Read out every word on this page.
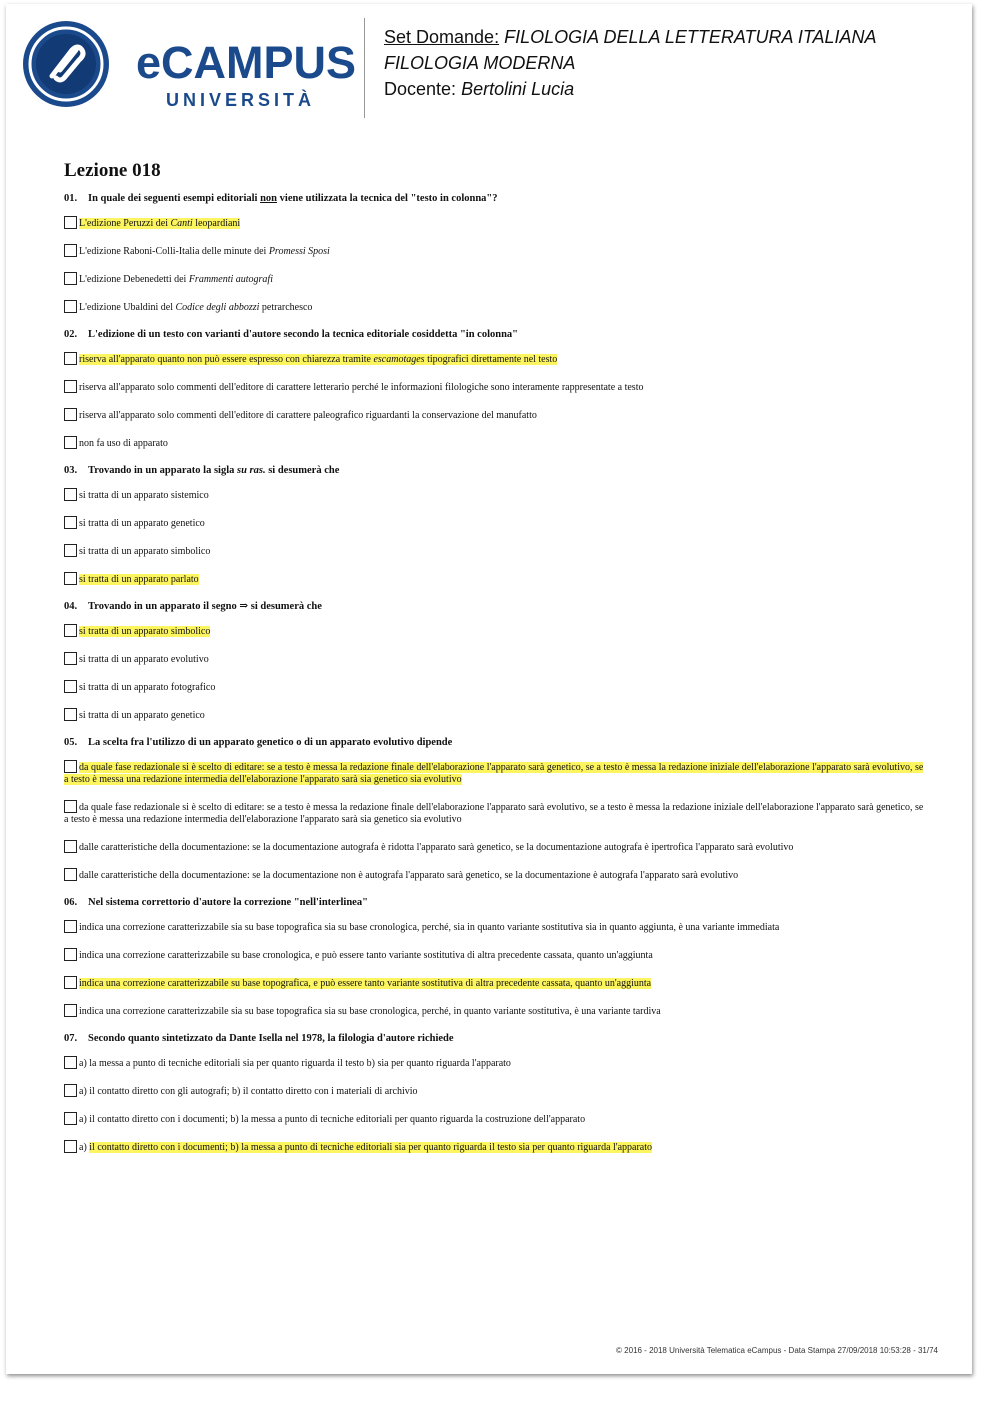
eCAMPUS
UNIVERSITÀ
Set Domande: FILOLOGIA DELLA LETTERATURA ITALIANA
FILOLOGIA MODERNA
Docente: Bertolini Lucia
Lezione 018
01. In quale dei seguenti esempi editoriali non viene utilizzata la tecnica del "testo in colonna"?
L'edizione Peruzzi dei Canti leopardiani
L'edizione Raboni-Colli-Italia delle minute dei Promessi Sposi
L'edizione Debenedetti dei Frammenti autografi
L'edizione Ubaldini del Codice degli abbozzi petrarchesco
02. L'edizione di un testo con varianti d'autore secondo la tecnica editoriale cosiddetta "in colonna"
riserva all'apparato quanto non può essere espresso con chiarezza tramite escamotages tipografici direttamente nel testo
riserva all'apparato solo commenti dell'editore di carattere letterario perché le informazioni filologiche sono interamente rappresentate a testo
riserva all'apparato solo commenti dell'editore di carattere paleografico riguardanti la conservazione del manufatto
non fa uso di apparato
03. Trovando in un apparato la sigla su ras. si desumerà che
si tratta di un apparato sistemico
si tratta di un apparato genetico
si tratta di un apparato simbolico
si tratta di un apparato parlato
04. Trovando in un apparato il segno ⇒ si desumerà che
si tratta di un apparato simbolico
si tratta di un apparato evolutivo
si tratta di un apparato fotografico
si tratta di un apparato genetico
05. La scelta fra l'utilizzo di un apparato genetico o di un apparato evolutivo dipende
da quale fase redazionale si è scelto di editare: se a testo è messa la redazione finale dell'elaborazione l'apparato sarà genetico, se a testo è messa la redazione iniziale dell'elaborazione l'apparato sarà evolutivo, se a testo è messa una redazione intermedia dell'elaborazione l'apparato sarà sia genetico sia evolutivo
da quale fase redazionale si è scelto di editare: se a testo è messa la redazione finale dell'elaborazione l'apparato sarà evolutivo, se a testo è messa la redazione iniziale dell'elaborazione l'apparato sarà genetico, se a testo è messa una redazione intermedia dell'elaborazione l'apparato sarà sia genetico sia evolutivo
dalle caratteristiche della documentazione: se la documentazione autografa è ridotta l'apparato sarà genetico, se la documentazione autografa è ipertrofica l'apparato sarà evolutivo
dalle caratteristiche della documentazione: se la documentazione non è autografa l'apparato sarà genetico, se la documentazione è autografa l'apparato sarà evolutivo
06. Nel sistema correttorio d'autore la correzione "nell'interlinea"
indica una correzione caratterizzabile sia su base topografica sia su base cronologica, perché, sia in quanto variante sostitutiva sia in quanto aggiunta, è una variante immediata
indica una correzione caratterizzabile su base cronologica, e può essere tanto variante sostitutiva di altra precedente cassata, quanto un'aggiunta
indica una correzione caratterizzabile su base topografica, e può essere tanto variante sostitutiva di altra precedente cassata, quanto un'aggiunta
indica una correzione caratterizzabile sia su base topografica sia su base cronologica, perché, in quanto variante sostitutiva, è una variante tardiva
07. Secondo quanto sintetizzato da Dante Isella nel 1978, la filologia d'autore richiede
a) la messa a punto di tecniche editoriali sia per quanto riguarda il testo b) sia per quanto riguarda l'apparato
a) il contatto diretto con gli autografi; b) il contatto diretto con i materiali di archivio
a) il contatto diretto con i documenti; b) la messa a punto di tecniche editoriali per quanto riguarda la costruzione dell'apparato
a) il contatto diretto con i documenti; b) la messa a punto di tecniche editoriali sia per quanto riguarda il testo sia per quanto riguarda l'apparato
© 2016 - 2018 Università Telematica eCampus - Data Stampa 27/09/2018 10:53:28 - 31/74
